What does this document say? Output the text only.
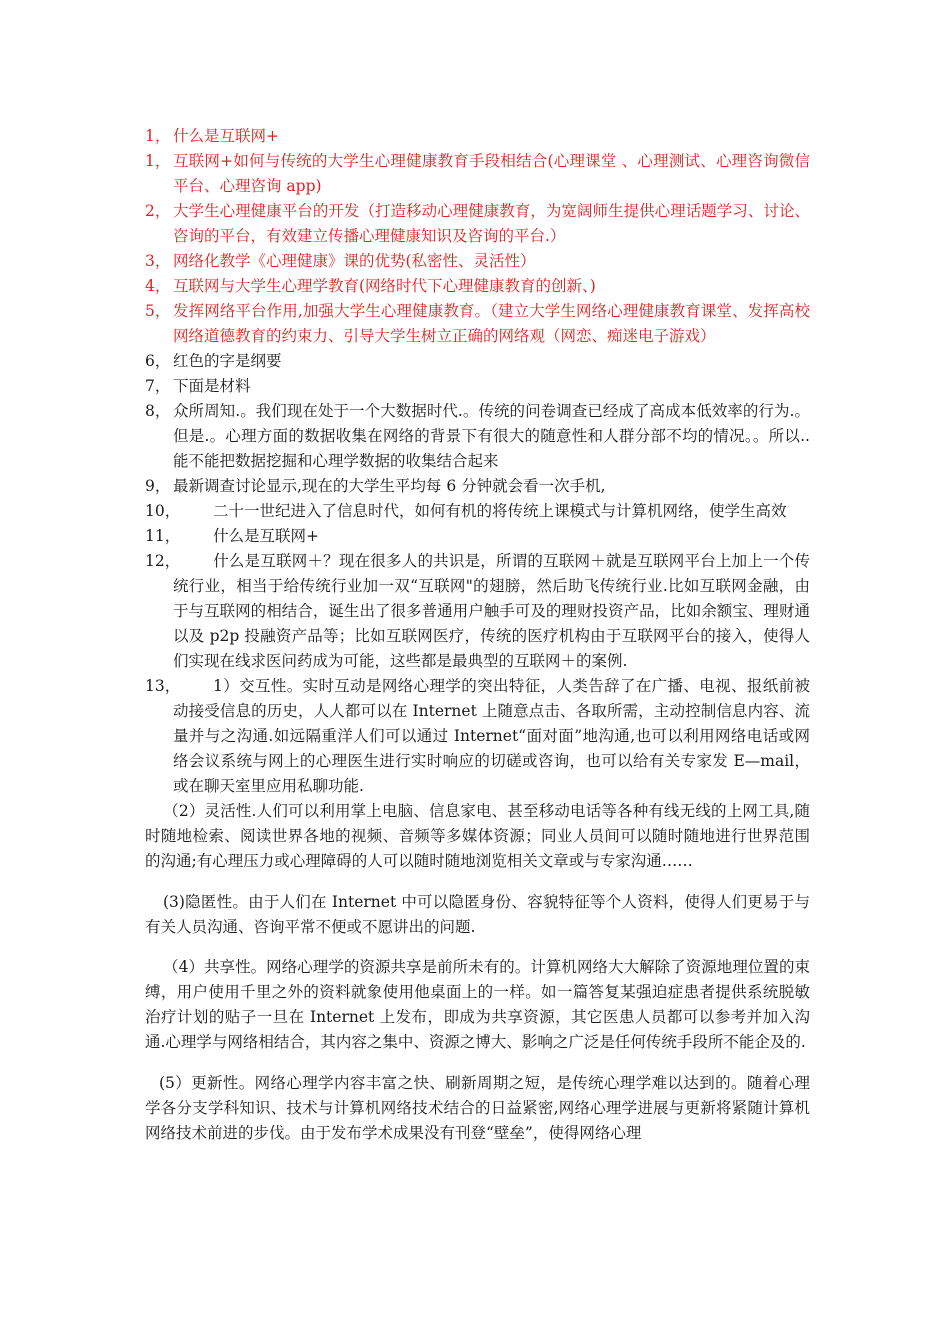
1， 什么是互联网+
1， 互联网+如何与传统的大学生心理健康教育手段相结合(心理课堂 、心理测试、心理咨询微信平台、心理咨询 app)
2， 大学生心理健康平台的开发（打造移动心理健康教育，为宽阔师生提供心理话题学习、讨论、咨询的平台，有效建立传播心理健康知识及咨询的平台.）
3， 网络化教学《心理健康》课的优势(私密性、灵活性）
4， 互联网与大学生心理学教育(网络时代下心理健康教育的创新、)
5， 发挥网络平台作用,加强大学生心理健康教育。（建立大学生网络心理健康教育课堂、发挥高校网络道德教育的约束力、引导大学生树立正确的网络观（网恋、痴迷电子游戏）
6， 红色的字是纲要
7， 下面是材料
8， 众所周知.。我们现在处于一个大数据时代.。传统的问卷调查已经成了高成本低效率的行为.。但是.。心理方面的数据收集在网络的背景下有很大的随意性和人群分部不均的情况。。所以..能不能把数据挖掘和心理学数据的收集结合起来
9， 最新调查讨论显示,现在的大学生平均每 6 分钟就会看一次手机,
10，	二十一世纪进入了信息时代，如何有机的将传统上课模式与计算机网络，使学生高效
11，	什么是互联网+
12，	什么是互联网＋？现在很多人的共识是，所谓的互联网＋就是互联网平台上加上一个传统行业，相当于给传统行业加一双“互联网"的翅膀，然后助飞传统行业.比如互联网金融，由于与互联网的相结合，诞生出了很多普通用户触手可及的理财投资产品，比如余额宝、理财通以及 p2p 投融资产品等；比如互联网医疗，传统的医疗机构由于互联网平台的接入，使得人们实现在线求医问药成为可能，这些都是最典型的互联网＋的案例.
13，	1）交互性。实时互动是网络心理学的突出特征，人类告辞了在广播、电视、报纸前被动接受信息的历史，人人都可以在 Internet 上随意点击、各取所需，主动控制信息内容、流量并与之沟通.如远隔重洋人们可以通过 Internet“面对面”地沟通,也可以利用网络电话或网络会议系统与网上的心理医生进行实时响应的切磋或咨询，也可以给有关专家发 E—mail，或在聊天室里应用私聊功能.

（2）灵活性.人们可以利用掌上电脑、信息家电、甚至移动电话等各种有线无线的上网工具,随时随地检索、阅读世界各地的视频、音频等多媒体资源；同业人员间可以随时随地进行世界范围的沟通;有心理压力或心理障碍的人可以随时随地浏览相关文章或与专家沟通……

(3)隐匿性。由于人们在 Internet 中可以隐匿身份、容貌特征等个人资料，使得人们更易于与有关人员沟通、咨询平常不便或不愿讲出的问题.

（4）共享性。网络心理学的资源共享是前所未有的。计算机网络大大解除了资源地理位置的束缚，用户使用千里之外的资料就象使用他桌面上的一样。如一篇答复某强迫症患者提供系统脱敏治疗计划的贴子一旦在 Internet 上发布，即成为共享资源，其它医患人员都可以参考并加入沟通.心理学与网络相结合，其内容之集中、资源之博大、影响之广泛是任何传统手段所不能企及的.

(5）更新性。网络心理学内容丰富之快、刷新周期之短，是传统心理学难以达到的。随着心理学各分支学科知识、技术与计算机网络技术结合的日益紧密,网络心理学进展与更新将紧随计算机网络技术前进的步伐。由于发布学术成果没有刊登“壁垒”，使得网络心理
